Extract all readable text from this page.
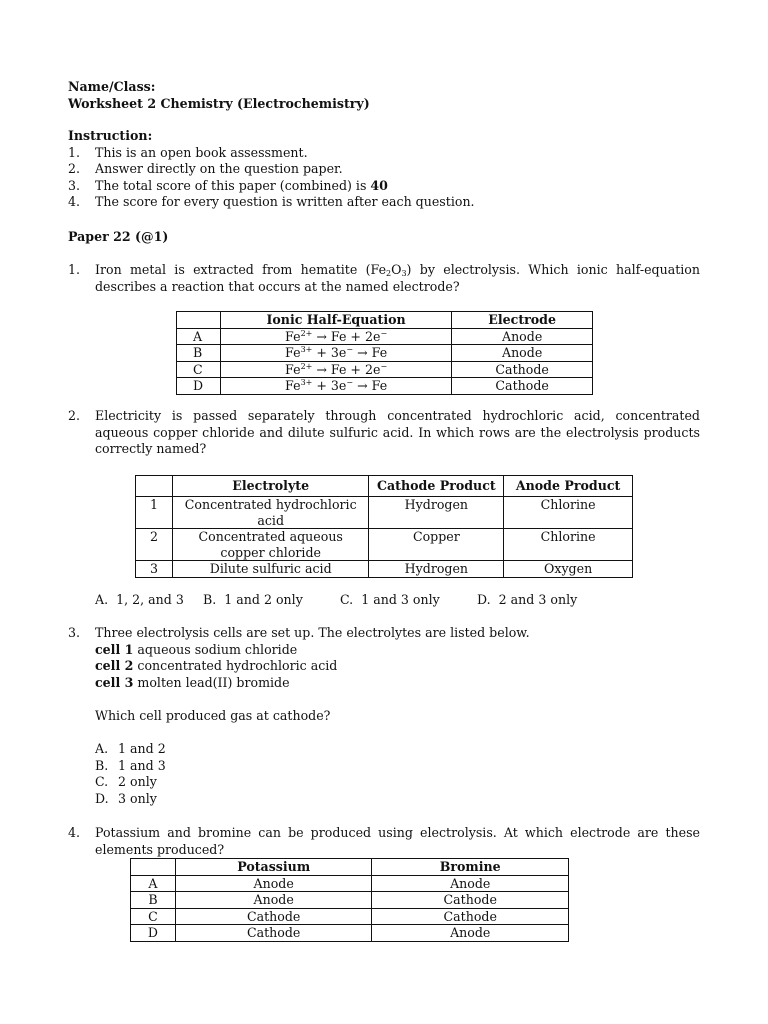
Name/Class:
Worksheet 2 Chemistry (Electrochemistry)
Instruction:
1.	This is an open book assessment.
2.	Answer directly on the question paper.
3.	The total score of this paper (combined) is 40
4.	The score for every question is written after each question.
Paper 22 (@1)
1. Iron metal is extracted from hematite $(Fe_2O_3)$ by electrolysis. Which ionic half-equation describes a reaction that occurs at the named electrode?
	Ionic Half-Equation	Electrode
A	$Fe^{2+} \to Fe + 2e^-$	Anode
B	$Fe^{3+} + 3e^- \to Fe$	Anode
C	$Fe^{2+} \to Fe + 2e^-$	Cathode
D	$Fe^{3+} + 3e^- \to Fe$	Cathode
2. Electricity is passed separately through concentrated hydrochloric acid, concentrated aqueous copper chloride and dilute sulfuric acid. In which rows are the electrolysis products correctly named?
	Electrolyte	Cathode Product	Anode Product
1	Concentrated hydrochloric acid	Hydrogen	Chlorine
2	Concentrated aqueous copper chloride	Copper	Chlorine
3	Dilute sulfuric acid	Hydrogen	Oxygen
A.  1, 2, and 3	B.  1 and 2 only	C.  1 and 3 only	D.  2 and 3 only
3. Three electrolysis cells are set up. The electrolytes are listed below.
cell 1 aqueous sodium chloride
cell 2 concentrated hydrochloric acid
cell 3 molten lead(II) bromide
Which cell produced gas at cathode?
A. 1 and 2
B. 1 and 3
C. 2 only
D. 3 only
4. Potassium and bromine can be produced using electrolysis. At which electrode are these elements produced?
	Potassium	Bromine
A	Anode	Anode
B	Anode	Cathode
C	Cathode	Cathode
D	Cathode	Anode
